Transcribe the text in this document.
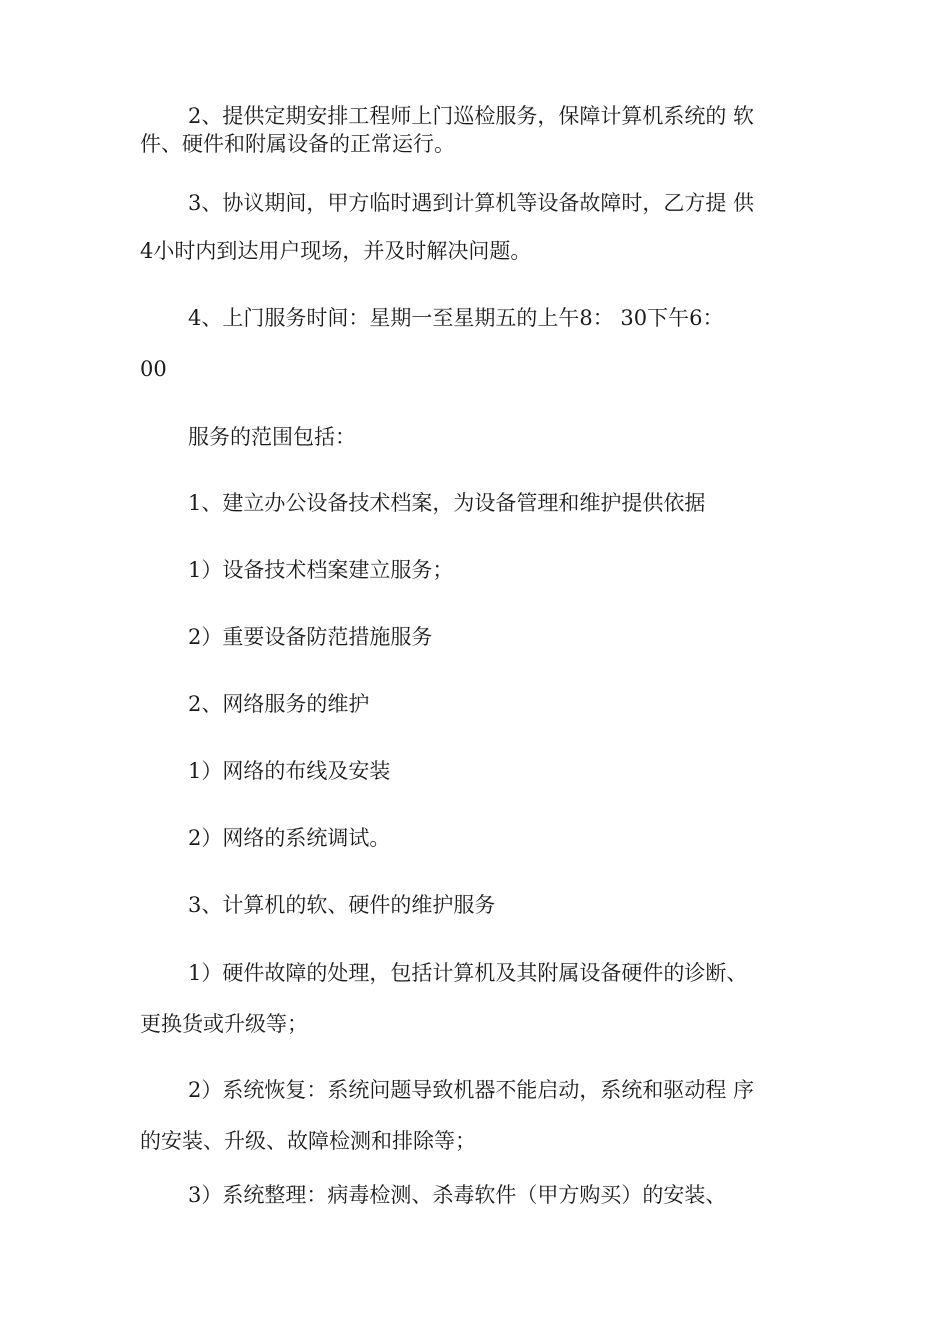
2、提供定期安排工程师上门巡检服务，保障计算机系统的 软
件、硬件和附属设备的正常运行。
3、协议期间，甲方临时遇到计算机等设备故障时，乙方提 供
4小时内到达用户现场，并及时解决问题。
4、上门服务时间：星期一至星期五的上午8： 30下午6：
00
服务的范围包括：
1、建立办公设备技术档案，为设备管理和维护提供依据
1）设备技术档案建立服务；
2）重要设备防范措施服务
2、网络服务的维护
1）网络的布线及安装
2）网络的系统调试。
3、计算机的软、硬件的维护服务
1）硬件故障的处理，包括计算机及其附属设备硬件的诊断、
更换货或升级等；
2）系统恢复：系统问题导致机器不能启动，系统和驱动程 序
的安装、升级、故障检测和排除等；
3）系统整理：病毒检测、杀毒软件（甲方购买）的安装、
